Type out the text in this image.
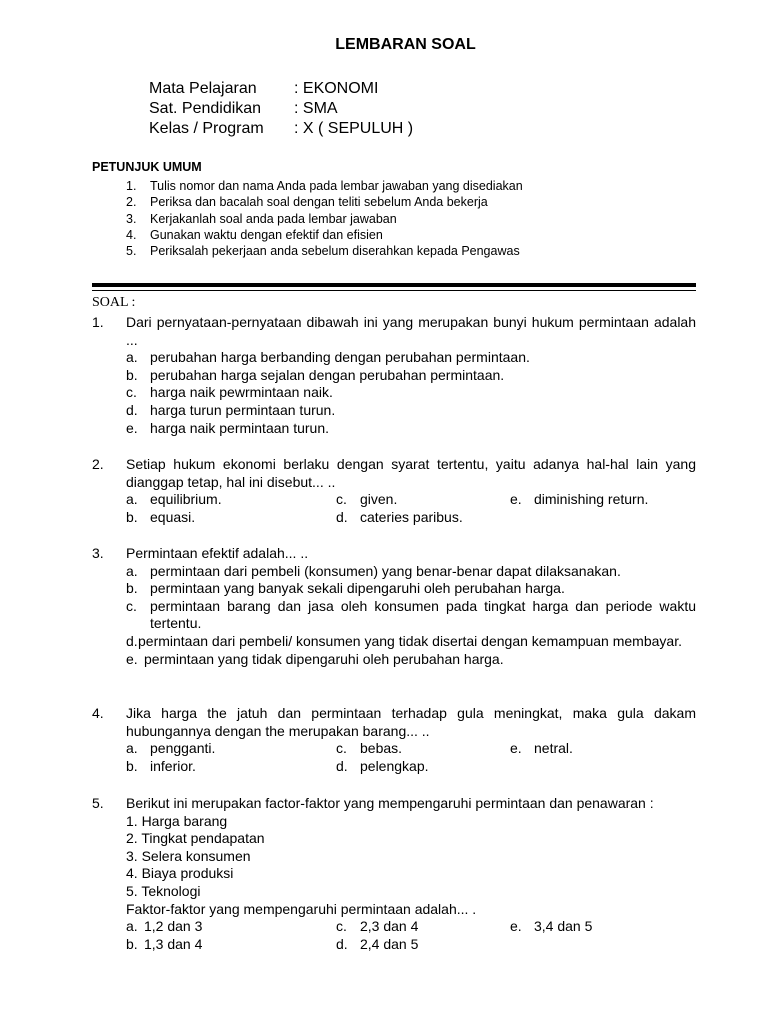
LEMBARAN SOAL
Mata Pelajaran : EKONOMI
Sat. Pendidikan : SMA
Kelas / Program : X ( SEPULUH )
PETUNJUK UMUM
1. Tulis nomor dan nama Anda pada lembar jawaban yang disediakan
2. Periksa dan bacalah soal dengan teliti sebelum Anda bekerja
3. Kerjakanlah soal anda pada lembar jawaban
4. Gunakan waktu dengan efektif dan efisien
5. Periksalah pekerjaan anda sebelum diserahkan kepada Pengawas
SOAL :
1. Dari pernyataan-pernyataan dibawah ini yang merupakan bunyi hukum permintaan adalah ...
a. perubahan harga berbanding dengan perubahan permintaan.
b. perubahan harga sejalan dengan perubahan permintaan.
c. harga naik pewrmintaan naik.
d. harga turun permintaan turun.
e. harga naik permintaan turun.
2. Setiap hukum ekonomi berlaku dengan syarat tertentu, yaitu adanya hal-hal lain yang dianggap tetap, hal ini disebut... ..
a. equilibrium.	c. given.	e. diminishing return.
b. equasi.	d. cateries paribus.
3. Permintaan efektif adalah... ..
a. permintaan dari pembeli (konsumen) yang benar-benar dapat dilaksanakan.
b. permintaan yang banyak sekali dipengaruhi oleh perubahan harga.
c. permintaan barang dan jasa oleh konsumen pada tingkat harga dan periode waktu tertentu.
d. permintaan dari pembeli/ konsumen yang tidak disertai dengan kemampuan membayar.
e. permintaan yang tidak dipengaruhi oleh perubahan harga.
4. Jika harga the jatuh dan permintaan terhadap gula meningkat, maka gula dakam hubungannya dengan the merupakan barang... ..
a. pengganti.	c. bebas.	e. netral.
b. inferior.	d. pelengkap.
5. Berikut ini merupakan factor-faktor yang mempengaruhi permintaan dan penawaran :
1. Harga barang
2. Tingkat pendapatan
3. Selera konsumen
4. Biaya produksi
5. Teknologi
Faktor-faktor yang mempengaruhi permintaan adalah... .
a. 1,2 dan 3	c. 2,3 dan 4	e. 3,4 dan 5
b. 1,3 dan 4	d. 2,4 dan 5
